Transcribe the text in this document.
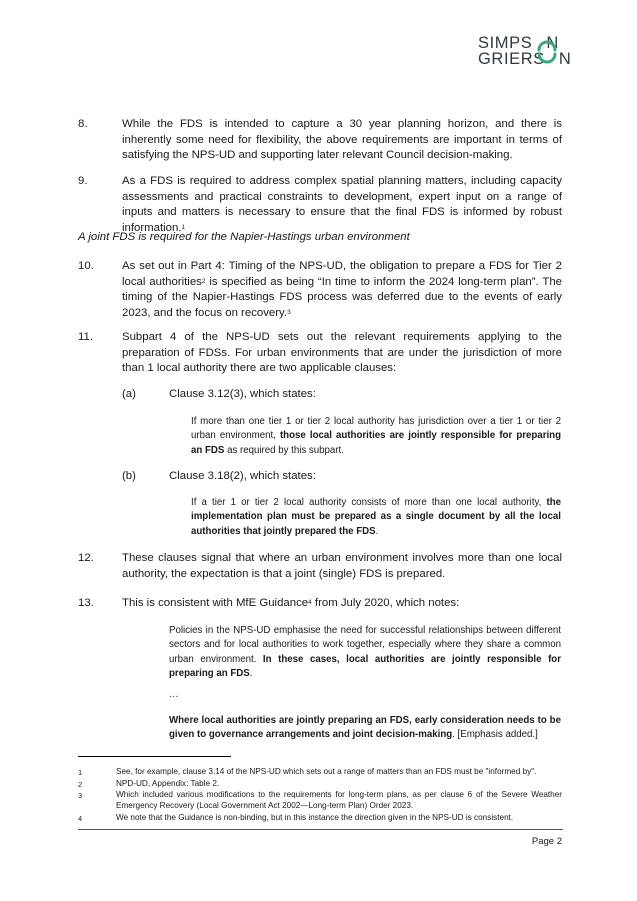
SIMPS N
GRIERS N
8.	While the FDS is intended to capture a 30 year planning horizon, and there is inherently some need for flexibility, the above requirements are important in terms of satisfying the NPS-UD and supporting later relevant Council decision-making.
9.	As a FDS is required to address complex spatial planning matters, including capacity assessments and practical constraints to development, expert input on a range of inputs and matters is necessary to ensure that the final FDS is informed by robust information.$^1$
A joint FDS is required for the Napier-Hastings urban environment
10. As set out in Part 4: Timing of the NPS-UD, the obligation to prepare a FDS for Tier 2 local authorities$^2$ is specified as being “In time to inform the 2024 long-term plan”. The timing of the Napier-Hastings FDS process was deferred due to the events of early 2023, and the focus on recovery.$^3$
11.	Subpart 4 of the NPS-UD sets out the relevant requirements applying to the preparation of FDSs. For urban environments that are under the jurisdiction of more than 1 local authority there are two applicable clauses:
(a)	Clause 3.12(3), which states:
If more than one tier 1 or tier 2 local authority has jurisdiction over a tier 1 or tier 2 urban environment, those local authorities are jointly responsible for preparing an FDS as required by this subpart.
(b)	Clause 3.18(2), which states:
If a tier 1 or tier 2 local authority consists of more than one local authority, the implementation plan must be prepared as a single document by all the local authorities that jointly prepared the FDS.
12. These clauses signal that where an urban environment involves more than one local authority, the expectation is that a joint (single) FDS is prepared.
13. This is consistent with MfE Guidance$^4$ from July 2020, which notes:
Policies in the NPS-UD emphasise the need for successful relationships between different sectors and for local authorities to work together, especially where they share a common urban environment. In these cases, local authorities are jointly responsible for preparing an FDS.
…
Where local authorities are jointly preparing an FDS, early consideration needs to be given to governance arrangements and joint decision-making. [Emphasis added.]
1	See, for example, clause 3.14 of the NPS-UD which sets out a range of matters than an FDS must be "informed by".
2	NPD-UD, Appendix: Table 2.
3	Which included various modifications to the requirements for long-term plans, as per clause 6 of the Severe Weather Emergency Recovery (Local Government Act 2002—Long-term Plan) Order 2023.
4	We note that the Guidance is non-binding, but in this instance the direction given in the NPS-UD is consistent.
Page 2
